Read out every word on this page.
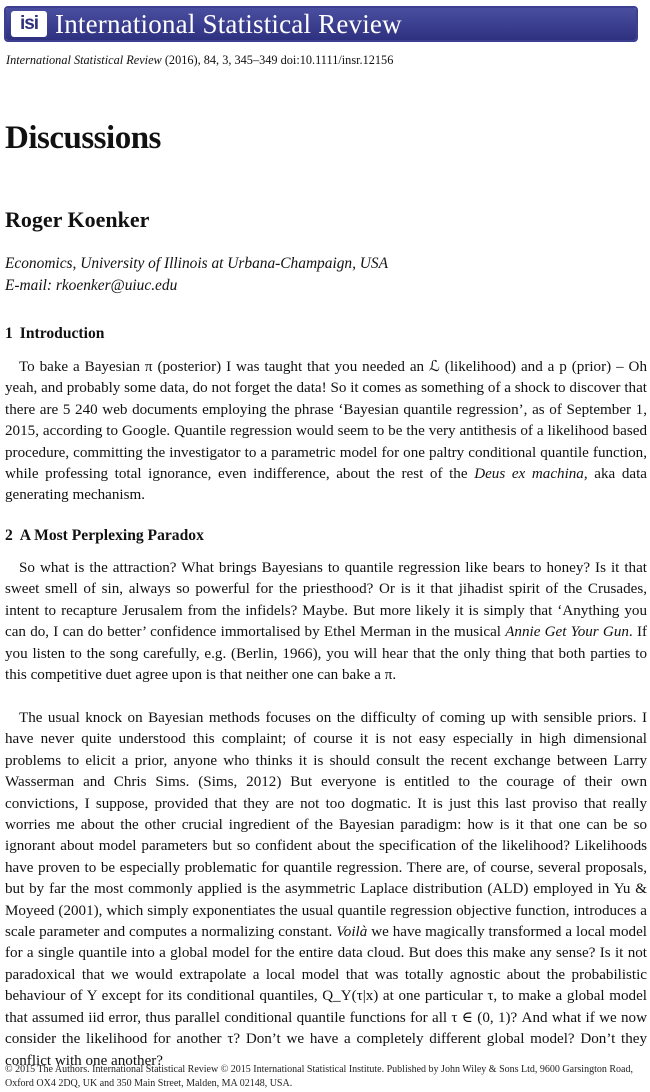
isi International Statistical Review
International Statistical Review (2016), 84, 3, 345–349 doi:10.1111/insr.12156
Discussions
Roger Koenker
Economics, University of Illinois at Urbana-Champaign, USA
E-mail: rkoenker@uiuc.edu
1 Introduction
To bake a Bayesian π (posterior) I was taught that you needed an ℒ (likelihood) and a p (prior) – Oh yeah, and probably some data, do not forget the data! So it comes as something of a shock to discover that there are 5 240 web documents employing the phrase ‘Bayesian quantile regression’, as of September 1, 2015, according to Google. Quantile regression would seem to be the very antithesis of a likelihood based procedure, committing the investigator to a parametric model for one paltry conditional quantile function, while professing total ignorance, even indifference, about the rest of the Deus ex machina, aka data generating mechanism.
2 A Most Perplexing Paradox
So what is the attraction? What brings Bayesians to quantile regression like bears to honey? Is it that sweet smell of sin, always so powerful for the priesthood? Or is it that jihadist spirit of the Crusades, intent to recapture Jerusalem from the infidels? Maybe. But more likely it is simply that ‘Anything you can do, I can do better’ confidence immortalised by Ethel Merman in the musical Annie Get Your Gun. If you listen to the song carefully, e.g. (Berlin, 1966), you will hear that the only thing that both parties to this competitive duet agree upon is that neither one can bake a π.
The usual knock on Bayesian methods focuses on the difficulty of coming up with sensible priors. I have never quite understood this complaint; of course it is not easy especially in high dimensional problems to elicit a prior, anyone who thinks it is should consult the recent exchange between Larry Wasserman and Chris Sims. (Sims, 2012) But everyone is entitled to the courage of their own convictions, I suppose, provided that they are not too dogmatic. It is just this last proviso that really worries me about the other crucial ingredient of the Bayesian paradigm: how is it that one can be so ignorant about model parameters but so confident about the specification of the likelihood? Likelihoods have proven to be especially problematic for quantile regression. There are, of course, several proposals, but by far the most commonly applied is the asymmetric Laplace distribution (ALD) employed in Yu & Moyeed (2001), which simply exponentiates the usual quantile regression objective function, introduces a scale parameter and computes a normalizing constant. Voilà we have magically transformed a local model for a single quantile into a global model for the entire data cloud. But does this make any sense? Is it not paradoxical that we would extrapolate a local model that was totally agnostic about the probabilistic behaviour of Y except for its conditional quantiles, Q_Y(τ|x) at one particular τ, to make a global model that assumed iid error, thus parallel conditional quantile functions for all τ ∈ (0, 1)? And what if we now consider the likelihood for another τ? Don’t we have a completely different global model? Don’t they conflict with one another?
© 2015 The Authors. International Statistical Review © 2015 International Statistical Institute. Published by John Wiley & Sons Ltd, 9600 Garsington Road, Oxford OX4 2DQ, UK and 350 Main Street, Malden, MA 02148, USA.
